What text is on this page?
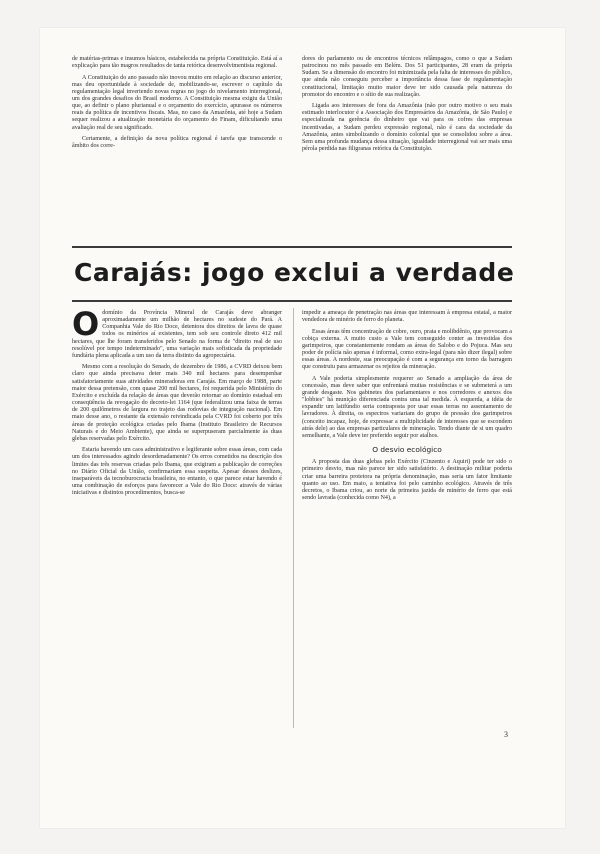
de matérias-primas e insumos básicos, estabelecida na própria Constituição. Está aí a explicação para tão magros resultados de tanta retórica desenvolvimentista regional.

A Constituição do ano passado não inovou muito em relação ao discurso anterior, mas deu oportunidade à sociedade de, mobilizando-se, escrever o capítulo da regulamentação legal invertendo novas regras no jogo do nivelamento interregional, um dos grandes desafios do Brasil moderno. A Constituição mesma exigiu da União que, ao definir o plano plurianual e o orçamento do exercício, apurasse os números reais da política de incentivos fiscais. Mas, no caso da Amazônia, até hoje a Sudam sequer realizou a atualização monetária do orçamento do Finam, dificultando uma avaliação real de seu significado.

Certamente, a definição da nova política regional é tarefa que transcende o âmbito dos corre-

dores do parlamento ou de encontros técnicos relâmpagos, como o que a Sudam patrocinou no mês passado em Belém. Dos 51 participantes, 28 eram da própria Sudam. Se a dimensão do encontro foi minimizada pela falta de interesses do público, que ainda não conseguiu perceber a importância dessa fase de regulamentação constitucional, limitação muito maior deve ter sido causada pela natureza do promotor do encontro e o sítio de sua realização.

Ligada aos interesses de fora da Amazônia (não por outro motivo o seu mais estimado interlocutor é a Associação dos Empresários da Amazônia, de São Paulo) e especializada na gerência do dinheiro que vai para os cofres das empresas incentivadas, a Sudam perdeu expressão regional, não é cara da sociedade da Amazônia, antes simbolizando o domínio colonial que se consolidou sobre a área. Sem uma profunda mudança dessa situação, igualdade interregional vai ser mais uma pérola perdida nas filigranas retórica da Constituição.

Carajás: jogo exclui a verdade

Odomínio da Província Mineral de Carajás deve abranger aproximadamente um milhão de hectares no sudeste do Pará. A Companhia Vale do Rio Doce, detentora dos direitos de lavra de quase todos os minérios aí existentes, tem sob seu controle direto 412 mil hectares, que lhe foram transferidos pelo Senado na forma de "direito real de uso resolúvel por tempo indeterminado", uma variação mais sofisticada da propriedade fundiária plena aplicada a um uso da terra distinto da agropecuária.

Mesmo com a resolução do Senado, de dezembro de 1986, a CVRD deixou bem claro que ainda precisava deter mais 340 mil hectares para desempenhar satisfatoriamente suas atividades mineradoras em Carajás. Em março de 1988, parte maior dessa pretensão, com quase 200 mil hectares, foi requerida pelo Ministério do Exército e excluída da relação de áreas que deverão retornar ao domínio estadual em conseqüência da revogação do decreto-lei 1164 (que federalizou uma faixa de terras de 200 quilômetros de largura no trajeto das rodovias de integração nacional). Em maio desse ano, o restante da extensão reivindicada pela CVRD foi coberto por três áreas de proteção ecológica criadas pelo Ibama (Instituto Brasileiro de Recursos Naturais e do Meio Ambiente), que ainda se superpuseram parcialmente às duas glebas reservadas pelo Exército.

Estaria havendo um caos administrativo e legiferante sobre essas áreas, com cada um dos interessados agindo desordenadamente? Os erros cometidos na descrição dos limites das três reservas criadas pelo Ibama, que exigiram a publicação de correções no Diário Oficial da União, confirmariam essa suspeita. Apesar desses deslizes, inseparáveis da tecnoburocracia brasileira, no entanto, o que parece estar havendo é uma combinação de esforços para favorecer a Vale do Rio Doce: através de várias iniciativas e distintos procedimentos, busca-se

impedir a ameaça de penetração nas áreas que interessam à empresa estatal, a maior vendedora de minério de ferro do planeta.

Essas áreas têm concentração de cobre, ouro, prata e molibdênio, que provocam a cobiça externa. A muito custo a Vale tem conseguido conter as investidas dos garimpeiros, que constantemente rondam as áreas do Salobo e do Pojuca. Mas seu poder de polícia não apenas é informal, como extra-legal (para não dizer ilegal) sobre essas áreas. A nordeste, sua preocupação é com a segurança em torno da barragem que construiu para armazenar os rejeitos da mineração.

A Vale poderia simplesmente requerer ao Senado a ampliação da área de concessão, mas deve saber que enfrentará muitas resistências e se submeterá a um grande desgaste. Nos gabinetes dos parlamentares e nos corredores e anexos dos "lobbies" há munição diferenciada contra uma tal medida. À esquerda, a idéia de expandir um latifúndio seria contraposta por usar essas terras no assentamento de lavradores. À direita, os espectros variariam do grupo de pressão dos garimpeiros (conceito incapaz, hoje, de expressar a multiplicidade de interesses que se escondem atrás dele) ao das empresas particulares de mineração. Tendo diante de si um quadro semelhante, a Vale deve ter preferido seguir por atalhos.

O desvio ecológico

A proposta das duas glebas pelo Exército (Cinzento e Aquiri) pode ter sido o primeiro desvio, mas não parece ter sido satisfatório. A destinação militar poderia criar uma barreira protetora na própria denominação, mas seria um fator limitante quanto ao uso. Em maio, a tentativa foi pelo caminho ecológico. Através de três decretos, o Ibama criou, ao norte da primeira jazida de minério de ferro que está sendo lavrada (conhecida como N4), a

3
